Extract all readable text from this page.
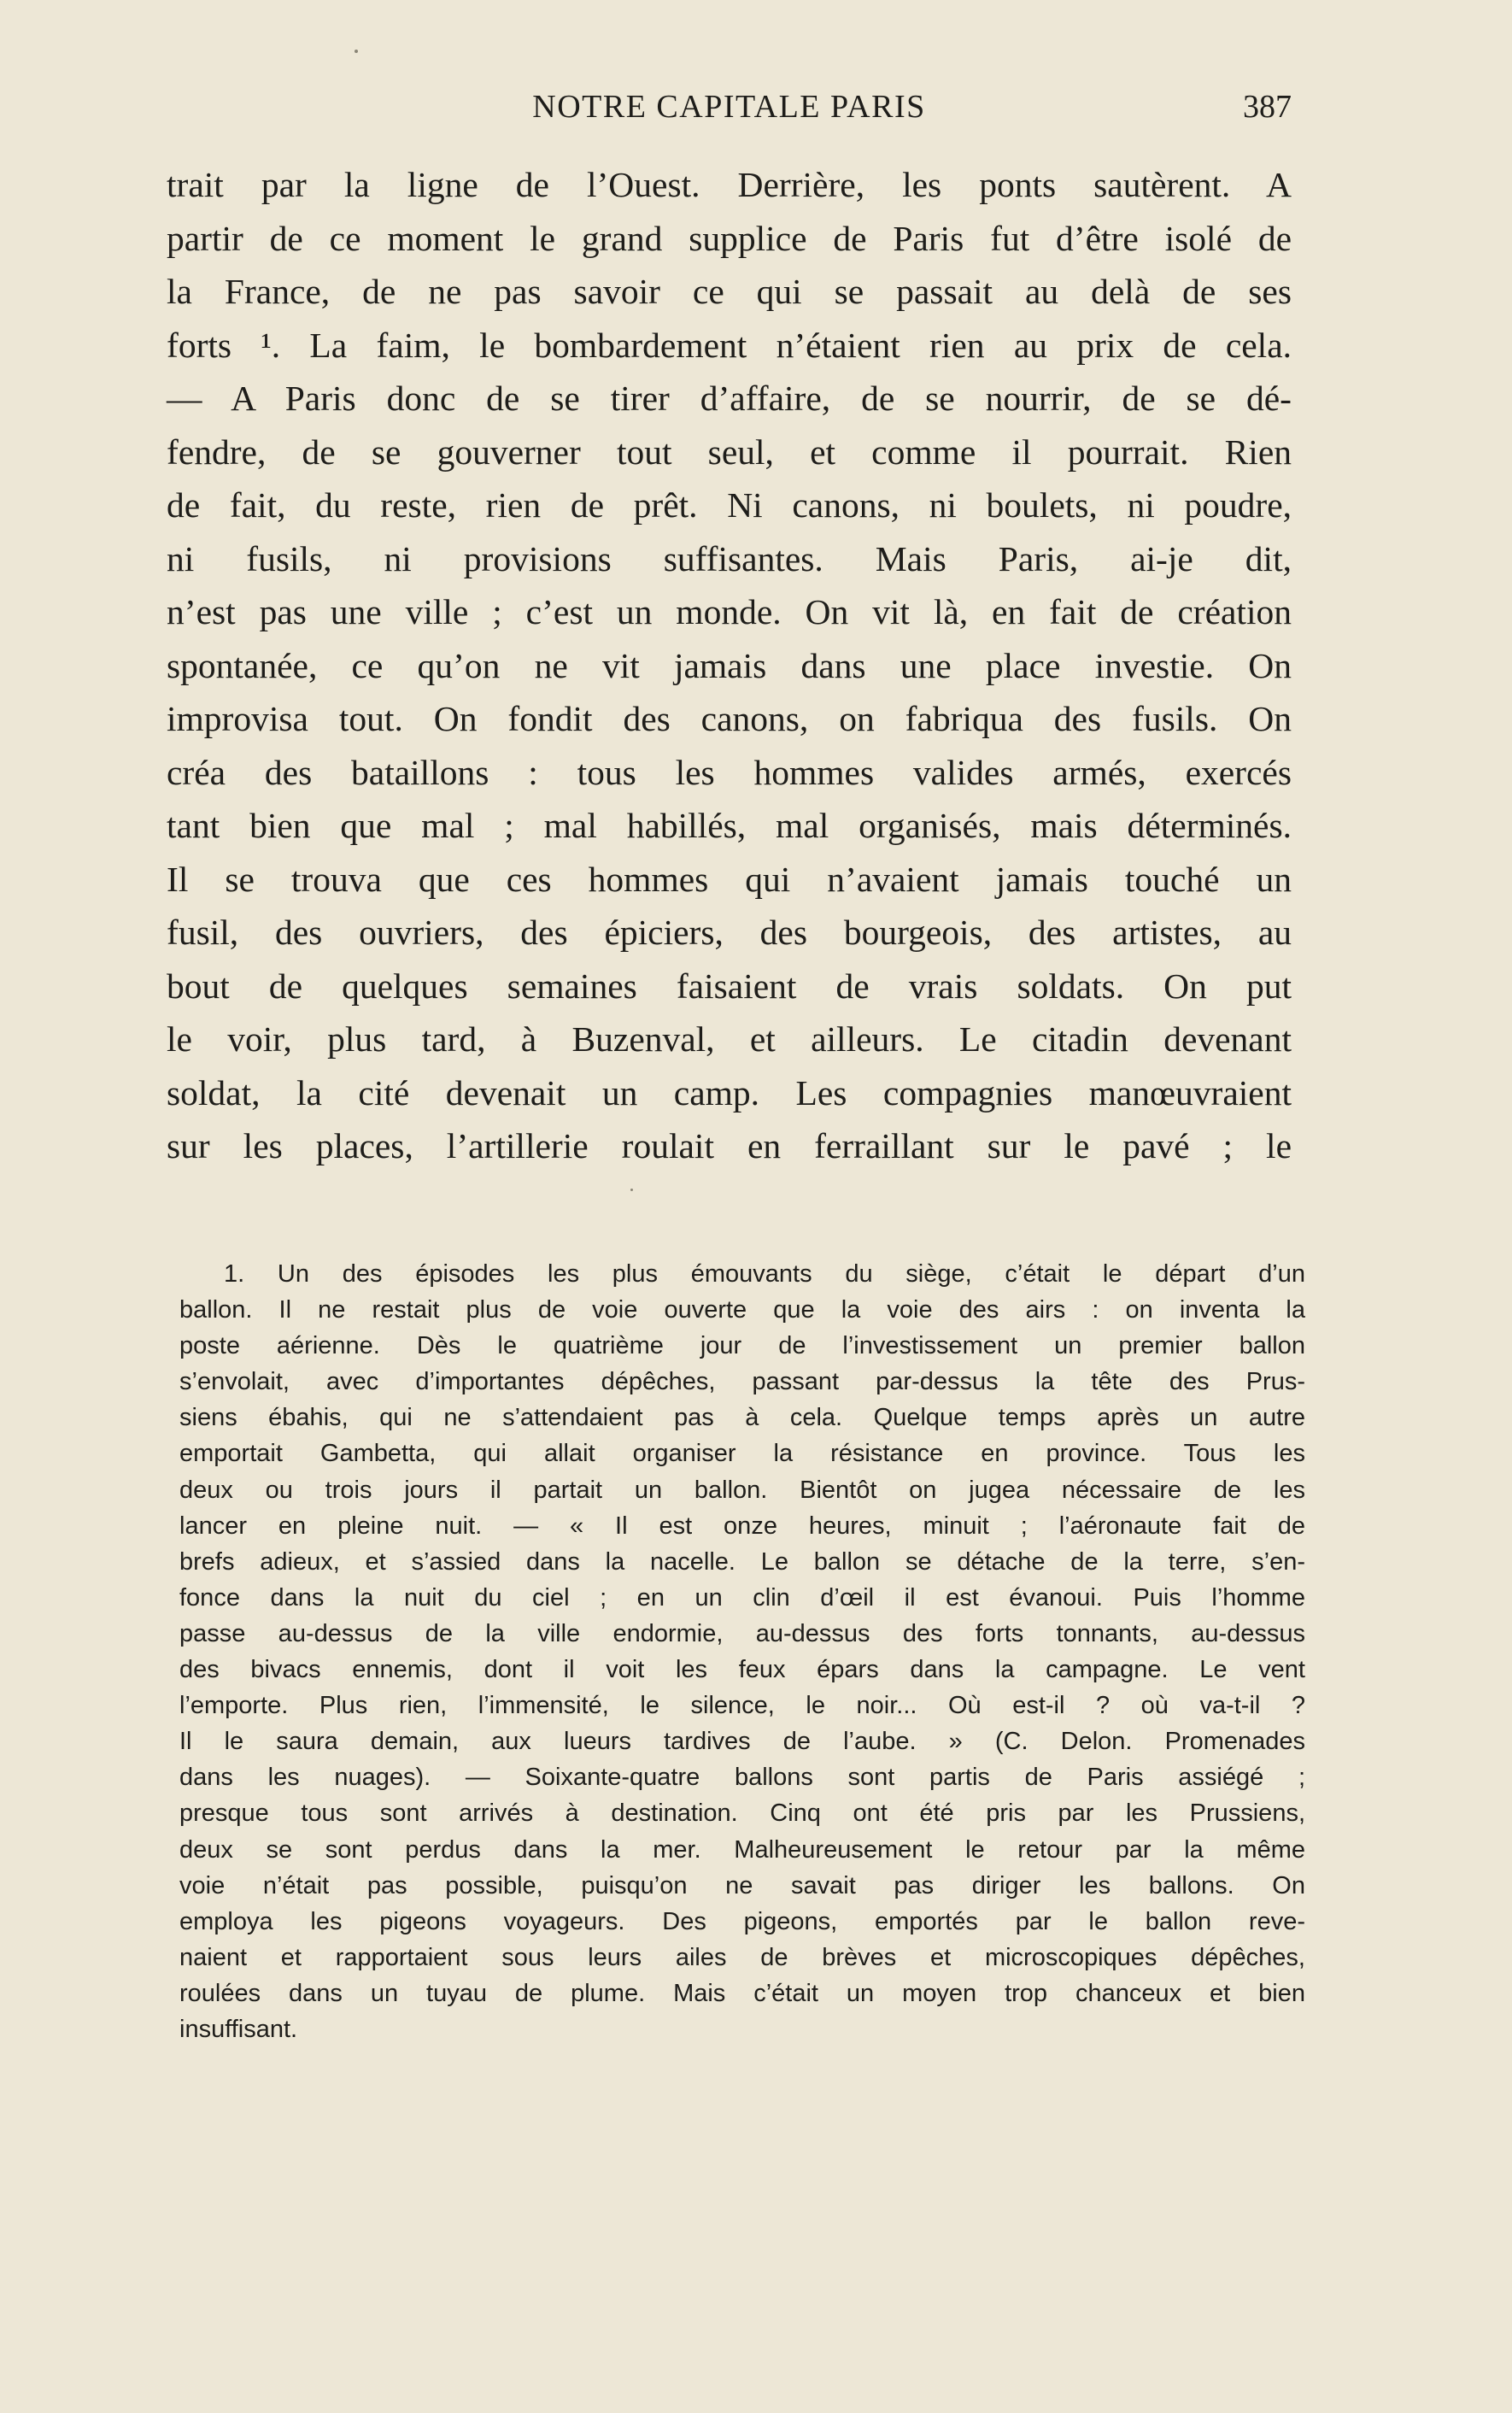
NOTRE CAPITALE PARIS	387
trait par la ligne de l’Ouest. Derrière, les ponts sautèrent. A
partir de ce moment le grand supplice de Paris fut d’être isolé de
la France, de ne pas savoir ce qui se passait au delà de ses
forts ¹. La faim, le bombardement n’étaient rien au prix de cela.
— A Paris donc de se tirer d’affaire, de se nourrir, de se dé-
fendre, de se gouverner tout seul, et comme il pourrait. Rien
de fait, du reste, rien de prêt. Ni canons, ni boulets, ni poudre,
ni fusils, ni provisions suffisantes. Mais Paris, ai-je dit,
n’est pas une ville ; c’est un monde. On vit là, en fait de création
spontanée, ce qu’on ne vit jamais dans une place investie. On
improvisa tout. On fondit des canons, on fabriqua des fusils. On
créa des bataillons : tous les hommes valides armés, exercés
tant bien que mal ; mal habillés, mal organisés, mais déterminés.
Il se trouva que ces hommes qui n’avaient jamais touché un
fusil, des ouvriers, des épiciers, des bourgeois, des artistes, au
bout de quelques semaines faisaient de vrais soldats. On put
le voir, plus tard, à Buzenval, et ailleurs. Le citadin devenant
soldat, la cité devenait un camp. Les compagnies manœuvraient
sur les places, l’artillerie roulait en ferraillant sur le pavé ; le
1. Un des épisodes les plus émouvants du siège, c’était le départ d’un
ballon. Il ne restait plus de voie ouverte que la voie des airs : on inventa la
poste aérienne. Dès le quatrième jour de l’investissement un premier ballon
s’envolait, avec d’importantes dépêches, passant par-dessus la tête des Prus-
siens ébahis, qui ne s’attendaient pas à cela. Quelque temps après un autre
emportait Gambetta, qui allait organiser la résistance en province. Tous les
deux ou trois jours il partait un ballon. Bientôt on jugea nécessaire de les
lancer en pleine nuit. — « Il est onze heures, minuit ; l’aéronaute fait de
brefs adieux, et s’assied dans la nacelle. Le ballon se détache de la terre, s’en-
fonce dans la nuit du ciel ; en un clin d’œil il est évanoui. Puis l’homme
passe au-dessus de la ville endormie, au-dessus des forts tonnants, au-dessus
des bivacs ennemis, dont il voit les feux épars dans la campagne. Le vent
l’emporte. Plus rien, l’immensité, le silence, le noir... Où est-il ? où va-t-il ?
Il le saura demain, aux lueurs tardives de l’aube. » (C. Delon. Promenades
dans les nuages). — Soixante-quatre ballons sont partis de Paris assiégé ;
presque tous sont arrivés à destination. Cinq ont été pris par les Prussiens,
deux se sont perdus dans la mer. Malheureusement le retour par la même
voie n’était pas possible, puisqu’on ne savait pas diriger les ballons. On
employa les pigeons voyageurs. Des pigeons, emportés par le ballon reve-
naient et rapportaient sous leurs ailes de brèves et microscopiques dépêches,
roulées dans un tuyau de plume. Mais c’était un moyen trop chanceux et bien
insuffisant.
